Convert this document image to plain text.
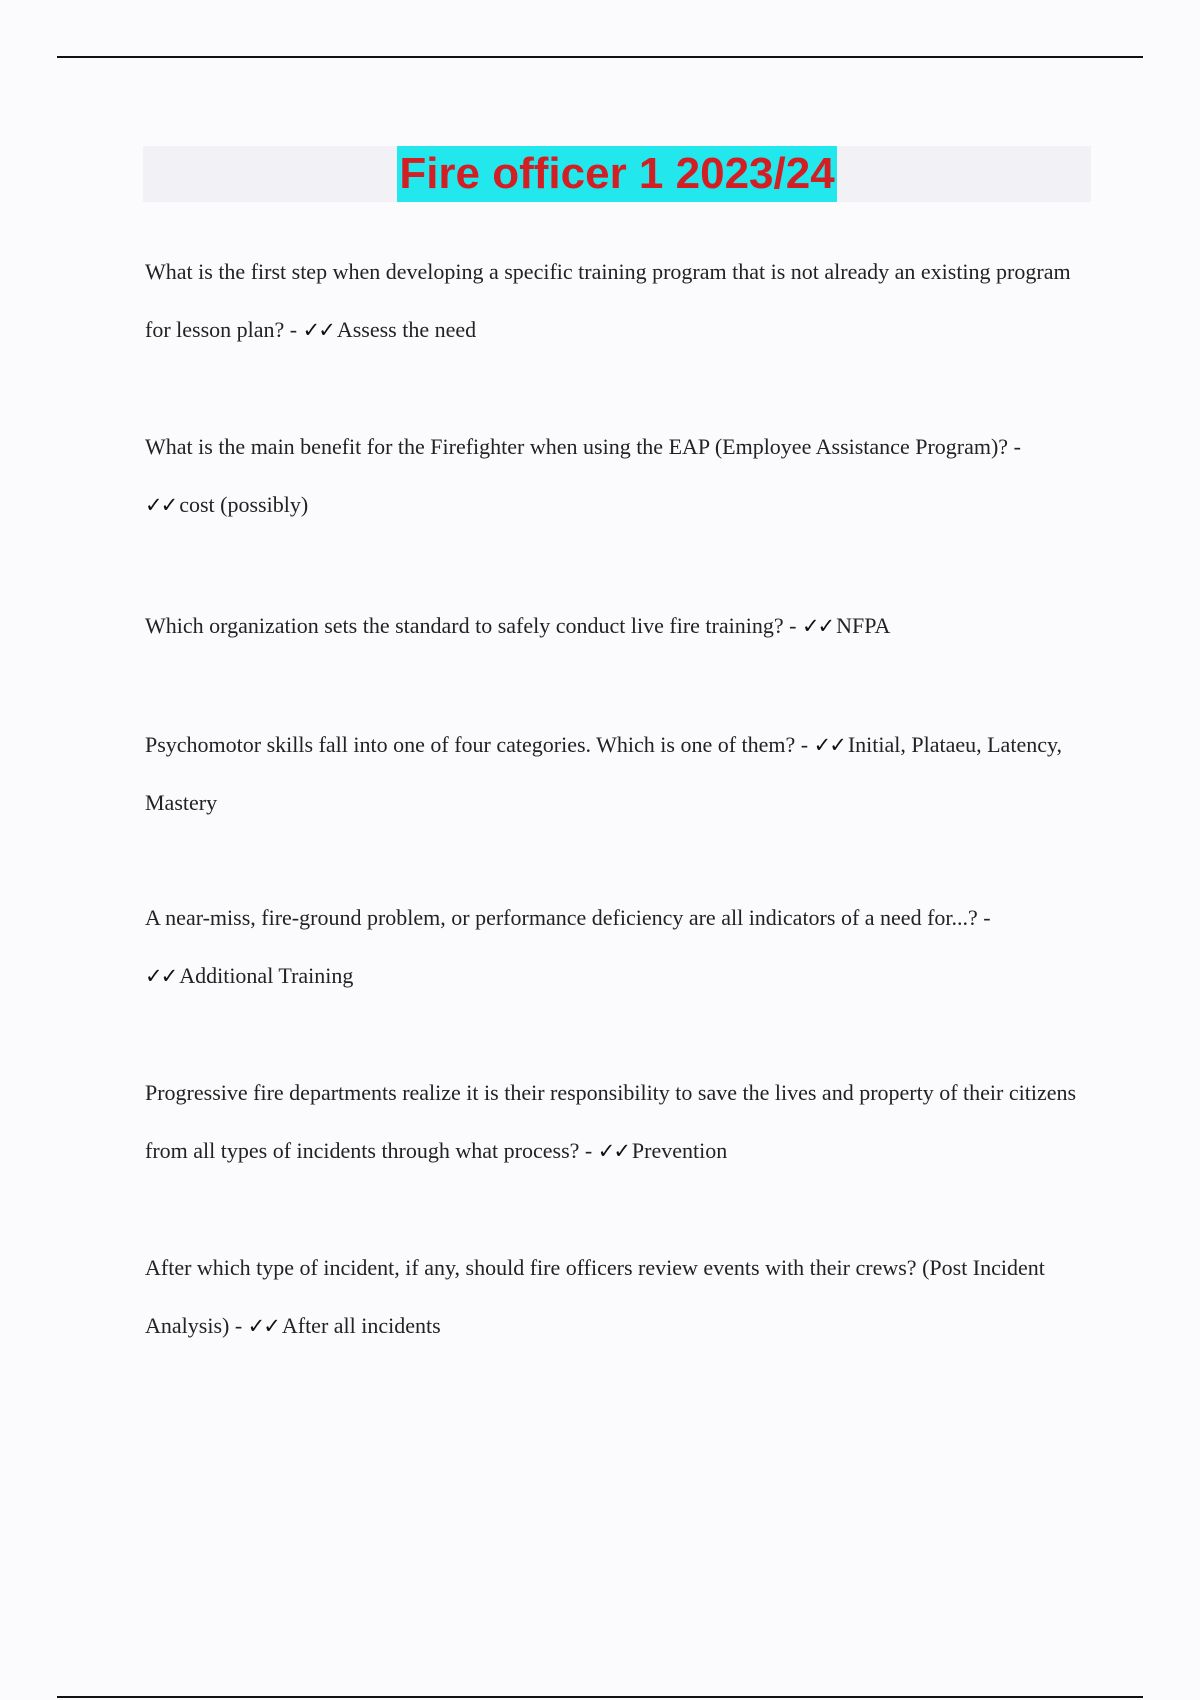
Fire officer 1 2023/24

What is the first step when developing a specific training program that is not already an existing program for lesson plan? - ✓✓ Assess the need

What is the main benefit for the Firefighter when using the EAP (Employee Assistance Program)? - ✓✓ cost (possibly)

Which organization sets the standard to safely conduct live fire training? - ✓✓ NFPA

Psychomotor skills fall into one of four categories. Which is one of them? - ✓✓ Initial, Plataeu, Latency, Mastery

A near-miss, fire-ground problem, or performance deficiency are all indicators of a need for...? - ✓✓ Additional Training

Progressive fire departments realize it is their responsibility to save the lives and property of their citizens from all types of incidents through what process? - ✓✓ Prevention

After which type of incident, if any, should fire officers review events with their crews? (Post Incident Analysis) - ✓✓ After all incidents
